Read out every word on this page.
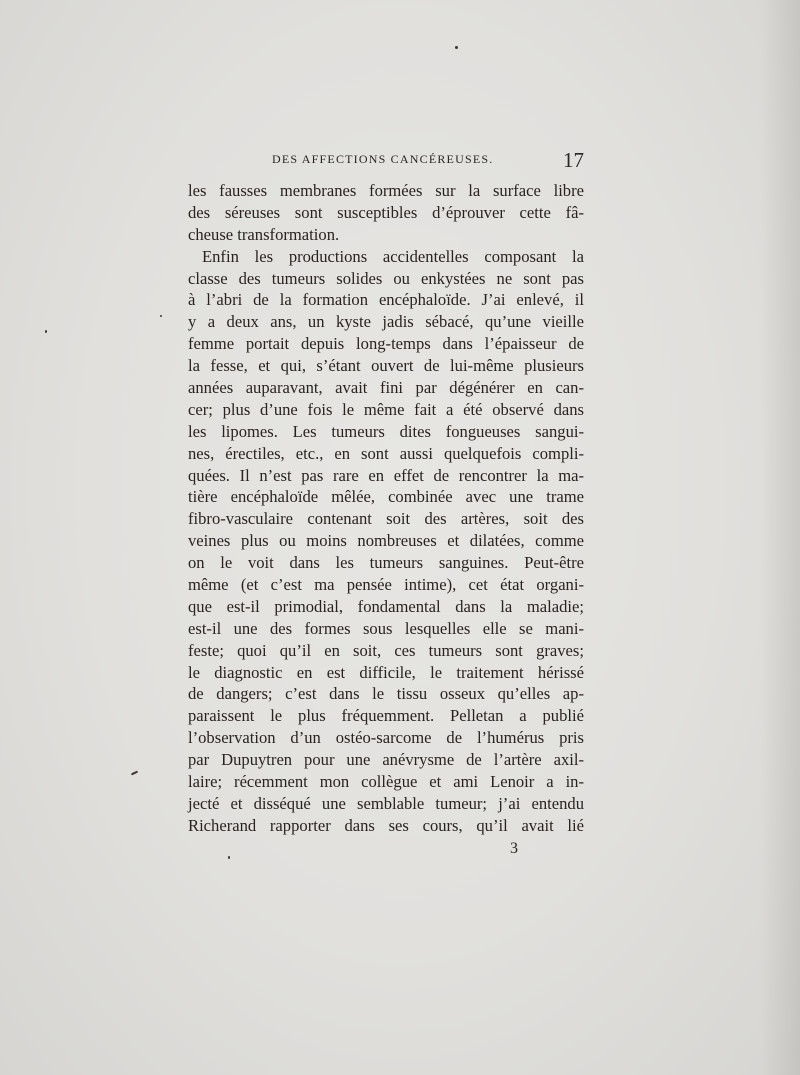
DES AFFECTIONS CANCÉREUSES.	17
les fausses membranes formées sur la surface libre
des séreuses sont susceptibles d’éprouver cette fâ-
cheuse transformation.
Enfin les productions accidentelles composant la
classe des tumeurs solides ou enkystées ne sont pas
à l’abri de la formation encéphaloïde. J’ai enlevé, il
y a deux ans, un kyste jadis sébacé, qu’une vieille
femme portait depuis long-temps dans l’épaisseur de
la fesse, et qui, s’étant ouvert de lui-même plusieurs
années auparavant, avait fini par dégénérer en can-
cer; plus d’une fois le même fait a été observé dans
les lipomes. Les tumeurs dites fongueuses sangui-
nes, érectiles, etc., en sont aussi quelquefois compli-
quées. Il n’est pas rare en effet de rencontrer la ma-
tière encéphaloïde mêlée, combinée avec une trame
fibro-vasculaire contenant soit des artères, soit des
veines plus ou moins nombreuses et dilatées, comme
on le voit dans les tumeurs sanguines. Peut-être
même (et c’est ma pensée intime), cet état organi-
que est-il primodial, fondamental dans la maladie;
est-il une des formes sous lesquelles elle se mani-
feste; quoi qu’il en soit, ces tumeurs sont graves;
le diagnostic en est difficile, le traitement hérissé
de dangers; c’est dans le tissu osseux qu’elles ap-
paraissent le plus fréquemment. Pelletan a publié
l’observation d’un ostéo-sarcome de l’humérus pris
par Dupuytren pour une anévrysme de l’artère axil-
laire; récemment mon collègue et ami Lenoir a in-
jecté et disséqué une semblable tumeur; j’ai entendu
Richerand rapporter dans ses cours, qu’il avait lié
3
